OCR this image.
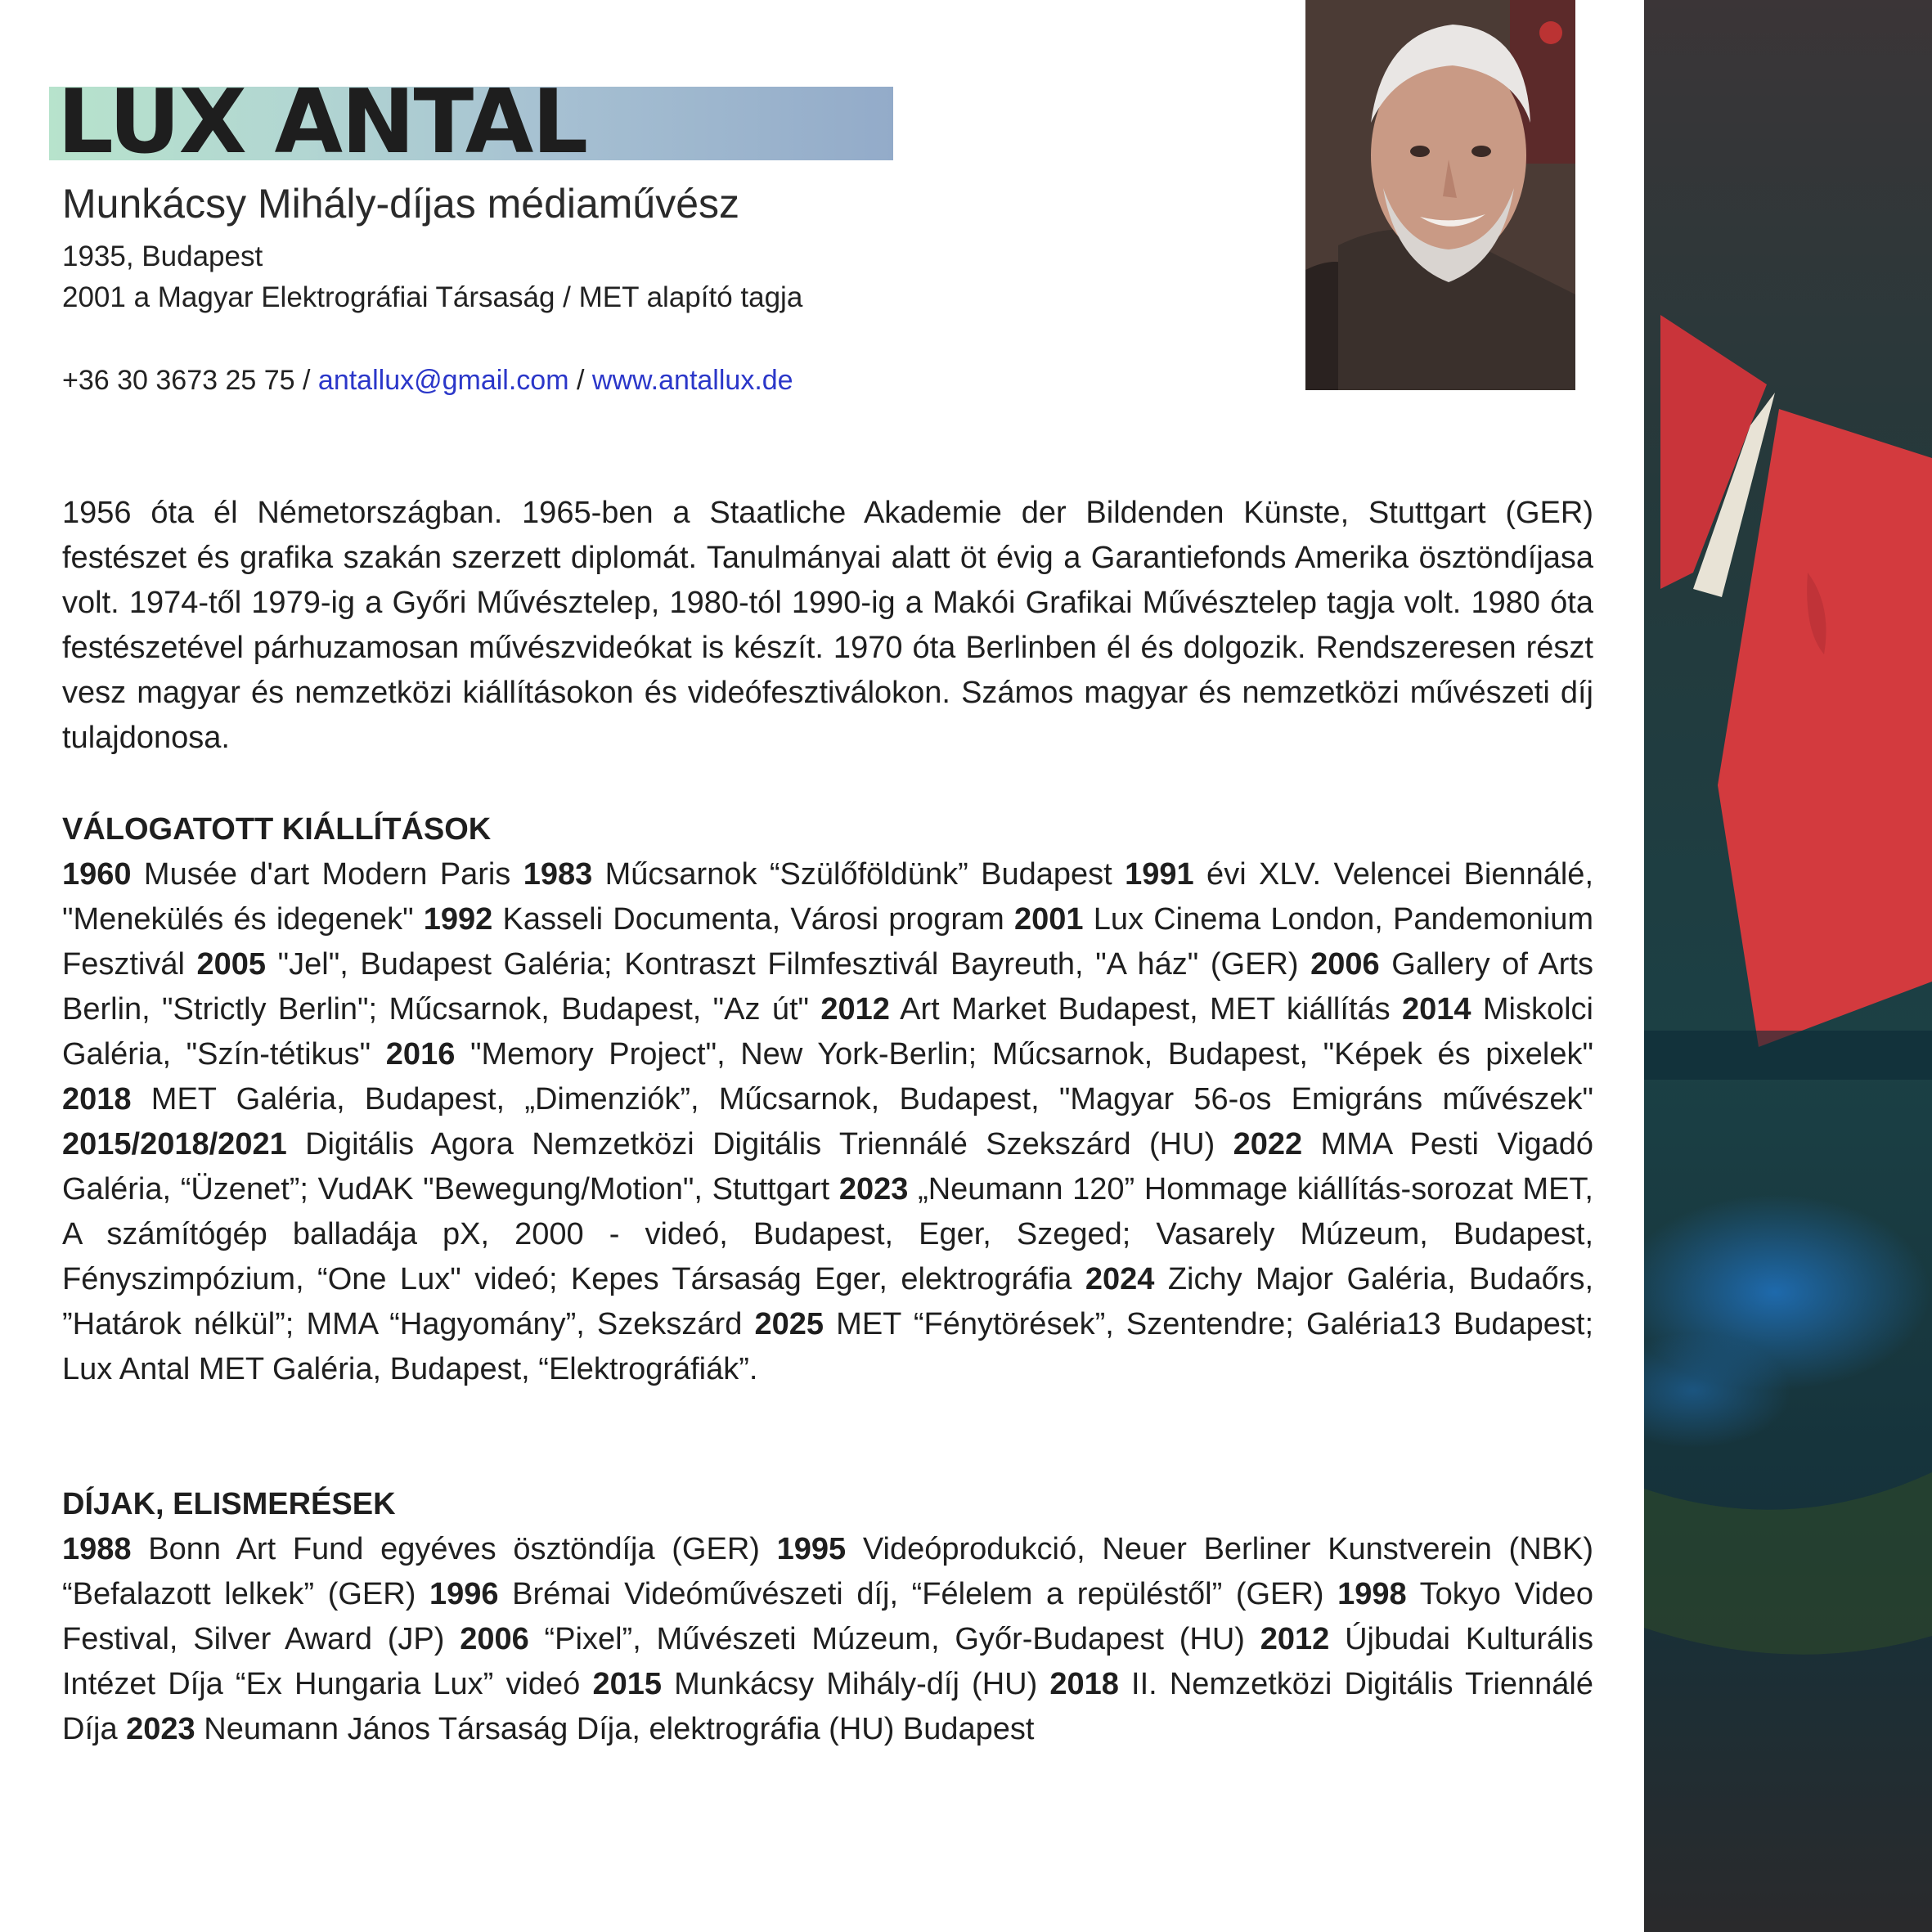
LUX ANTAL
Munkácsy Mihály-díjas médiaművész
1935, Budapest
2001 a Magyar Elektrográfiai Társaság / MET alapító tagja
+36 30 3673 25 75 / antallux@gmail.com / www.antallux.de
1956 óta él Németországban. 1965-ben a Staatliche Akademie der Bildenden Künste, Stuttgart (GER) festészet és grafika szakán szerzett diplomát. Tanulmányai alatt öt évig a Garantiefonds Amerika ösztöndíjasa volt. 1974-től 1979-ig a Győri Művésztelep, 1980-tól 1990-ig a Makói Grafikai Művésztelep tagja volt. 1980 óta festészetével párhuzamosan művészvideókat is készít. 1970 óta Berlinben él és dolgozik. Rendszeresen részt vesz magyar és nemzetközi kiállításokon és videófesztiválokon. Számos magyar és nemzetközi művészeti díj tulajdonosa.
VÁLOGATOTT KIÁLLÍTÁSOK
1960 Musée d'art Modern Paris 1983 Műcsarnok “Szülőföldünk” Budapest 1991 évi XLV. Velencei Biennálé, "Menekülés és idegenek" 1992 Kasseli Documenta, Városi program 2001 Lux Cinema London, Pandemonium Fesztivál 2005 "Jel", Budapest Galéria; Kontraszt Filmfesztivál Bayreuth, "A ház" (GER) 2006 Gallery of Arts Berlin, "Strictly Berlin"; Műcsarnok, Budapest, "Az út" 2012 Art Market Budapest, MET kiállítás 2014 Miskolci Galéria, "Szín-tétikus" 2016 "Memory Project", New York-Berlin; Műcsarnok, Budapest, "Képek és pixelek" 2018 MET Galéria, Budapest, „Dimenziók”, Műcsarnok, Budapest, "Magyar 56-os Emigráns művészek" 2015/2018/2021 Digitális Agora Nemzetközi Digitális Triennálé Szekszárd (HU) 2022 MMA Pesti Vigadó Galéria, “Üzenet”; VudAK "Bewegung/Motion", Stuttgart 2023 „Neumann 120” Hommage kiállítás-sorozat MET, A számítógép balladája pX, 2000 - videó, Budapest, Eger, Szeged; Vasarely Múzeum, Budapest, Fényszimpózium, “One Lux" videó; Kepes Társaság Eger, elektrográfia 2024 Zichy Major Galéria, Budaőrs, ”Határok nélkül”; MMA “Hagyomány”, Szekszárd 2025 MET “Fénytörések”, Szentendre; Galéria13 Budapest; Lux Antal MET Galéria, Budapest, “Elektrográfiák”.
DÍJAK, ELISMERÉSEK
1988 Bonn Art Fund egyéves ösztöndíja (GER) 1995 Videóprodukció, Neuer Berliner Kunstverein (NBK) “Befalazott lelkek” (GER) 1996 Brémai Videóművészeti díj, “Félelem a repüléstől” (GER) 1998 Tokyo Video Festival, Silver Award (JP) 2006 “Pixel”, Művészeti Múzeum, Győr-Budapest (HU) 2012 Újbudai Kulturális Intézet Díja “Ex Hungaria Lux” videó 2015 Munkácsy Mihály-díj (HU) 2018 II. Nemzetközi Digitális Triennálé Díja 2023 Neumann János Társaság Díja, elektrográfia (HU) Budapest
